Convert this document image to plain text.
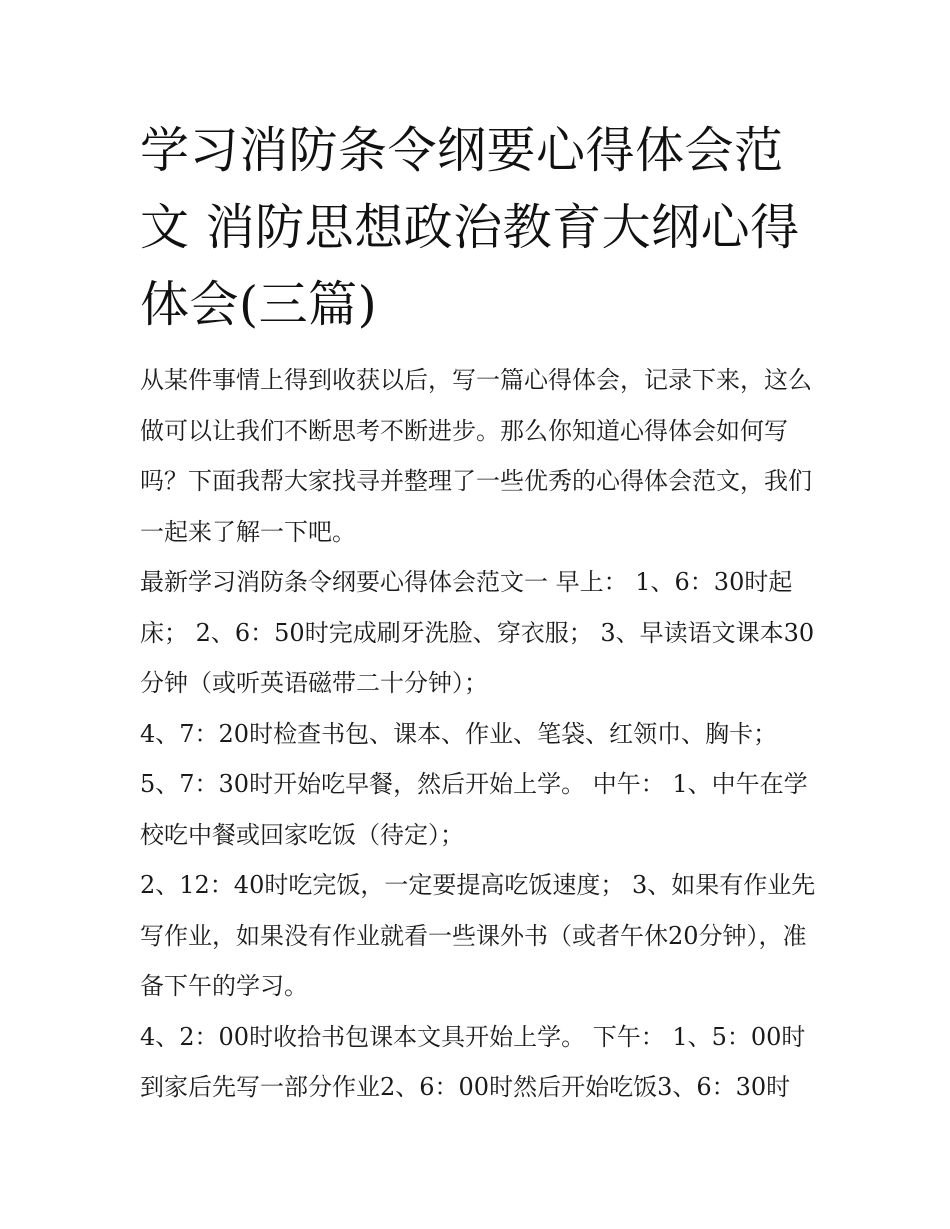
学习消防条令纲要心得体会范
文 消防思想政治教育大纲心得
体会(三篇)

从某件事情上得到收获以后，写一篇心得体会，记录下来，这么做可以让我们不断思考不断进步。那么你知道心得体会如何写吗？下面我帮大家找寻并整理了一些优秀的心得体会范文，我们一起来了解一下吧。

最新学习消防条令纲要心得体会范文一 早上： 1、6：30时起床； 2、6：50时完成刷牙洗脸、穿衣服； 3、早读语文课本30分钟（或听英语磁带二十分钟）；

4、7：20时检查书包、课本、作业、笔袋、红领巾、胸卡；

5、7：30时开始吃早餐，然后开始上学。 中午： 1、中午在学校吃中餐或回家吃饭（待定）；

2、12：40时吃完饭，一定要提高吃饭速度； 3、如果有作业先写作业，如果没有作业就看一些课外书（或者午休20分钟），准备下午的学习。

4、2：00时收拾书包课本文具开始上学。 下午： 1、5：00时到家后先写一部分作业2、6：00时然后开始吃饭3、6：30时
